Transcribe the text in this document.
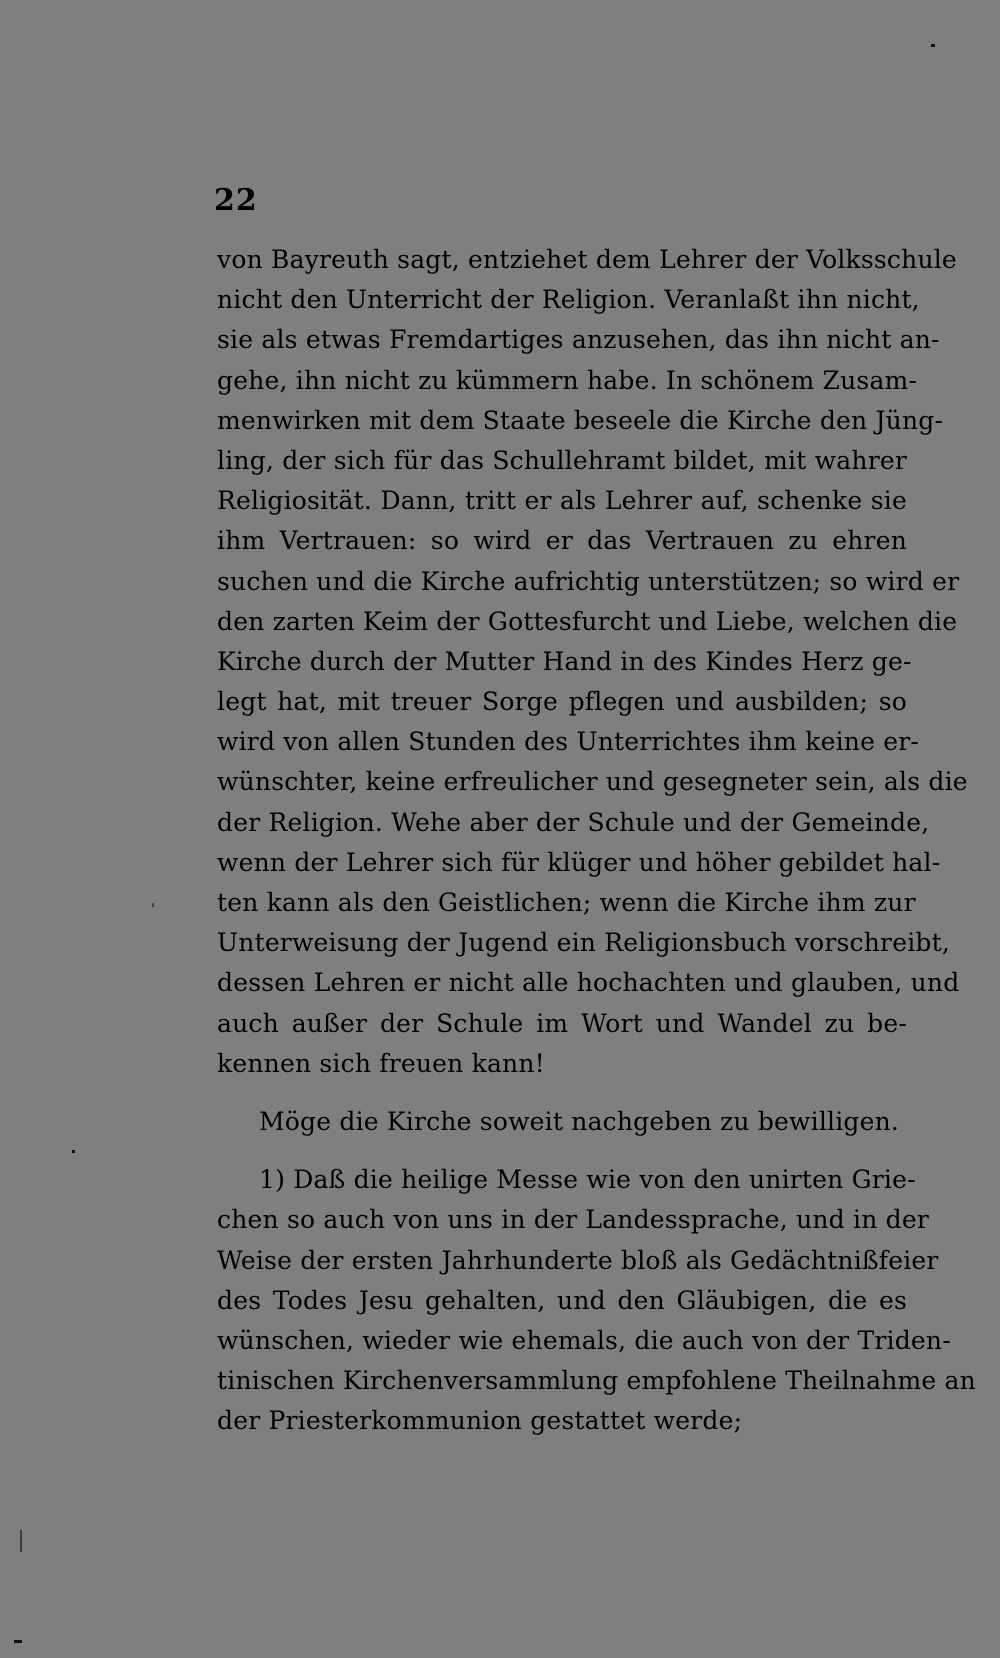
22
von Bayreuth sagt, entziehet dem Lehrer der Volksschule
nicht den Unterricht der Religion. Veranlaßt ihn nicht,
sie als etwas Fremdartiges anzusehen, das ihn nicht an-
gehe, ihn nicht zu kümmern habe. In schönem Zusam-
menwirken mit dem Staate beseele die Kirche den Jüng-
ling, der sich für das Schullehramt bildet, mit wahrer
Religiosität. Dann, tritt er als Lehrer auf, schenke sie
ihm Vertrauen: so wird er das Vertrauen zu ehren
suchen und die Kirche aufrichtig unterstützen; so wird er
den zarten Keim der Gottesfurcht und Liebe, welchen die
Kirche durch der Mutter Hand in des Kindes Herz ge-
legt hat, mit treuer Sorge pflegen und ausbilden; so
wird von allen Stunden des Unterrichtes ihm keine er-
wünschter, keine erfreulicher und gesegneter sein, als die
der Religion. Wehe aber der Schule und der Gemeinde,
wenn der Lehrer sich für klüger und höher gebildet hal-
ten kann als den Geistlichen; wenn die Kirche ihm zur
Unterweisung der Jugend ein Religionsbuch vorschreibt,
dessen Lehren er nicht alle hochachten und glauben, und
auch außer der Schule im Wort und Wandel zu be-
kennen sich freuen kann!
Möge die Kirche soweit nachgeben zu bewilligen.
1) Daß die heilige Messe wie von den unirten Grie-
chen so auch von uns in der Landessprache, und in der
Weise der ersten Jahrhunderte bloß als Gedächtnißfeier
des Todes Jesu gehalten, und den Gläubigen, die es
wünschen, wieder wie ehemals, die auch von der Triden-
tinischen Kirchenversammlung empfohlene Theilnahme an
der Priesterkommunion gestattet werde;
